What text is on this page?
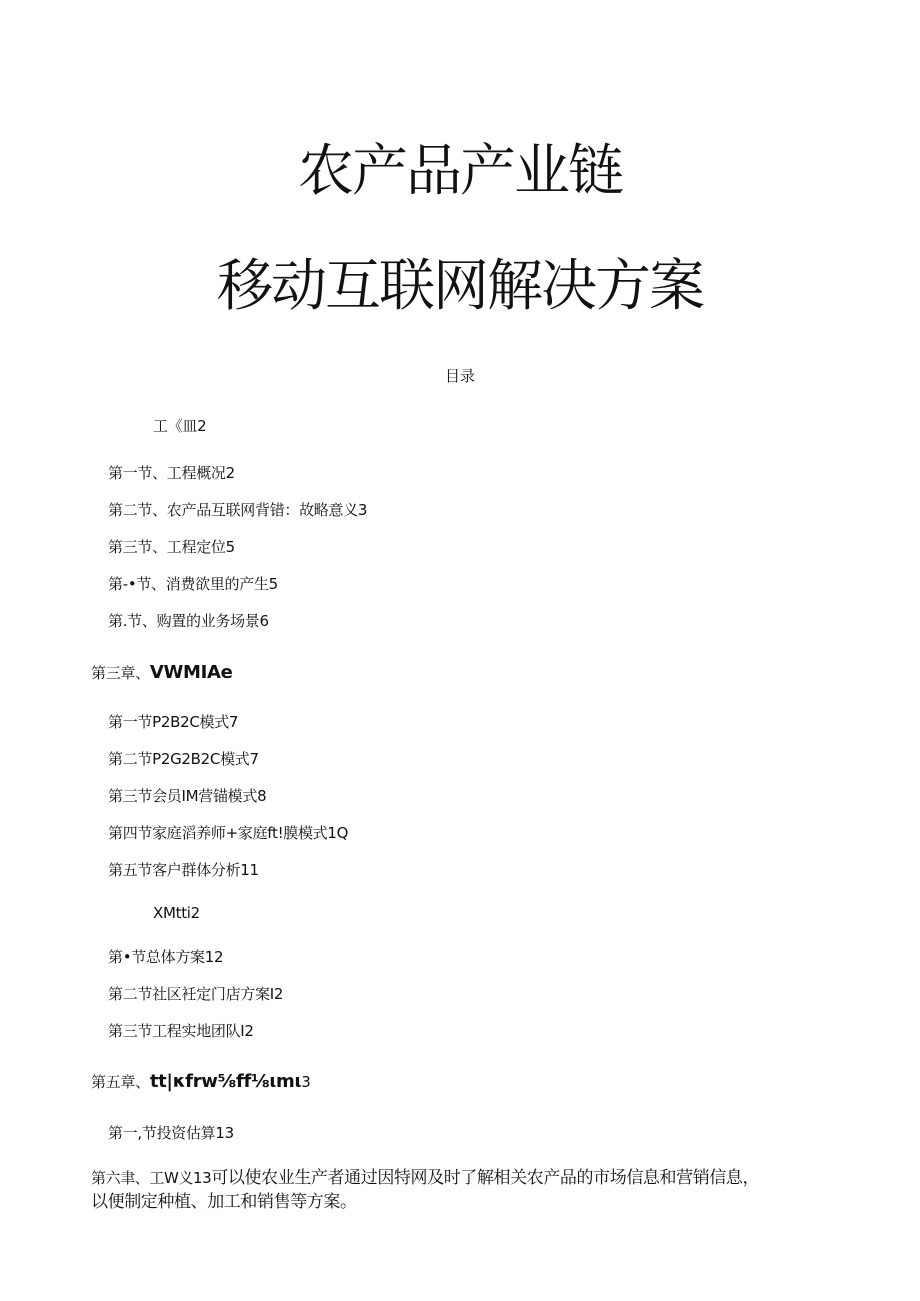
农产品产业链
移动互联网解决方案
目录
工《皿2
第一节、工程概况2
第二节、农产品互联网背错：故略意义3
第三节、工程定位5
第-•节、消费欲里的产生5
第.节、购置的业务场景6
第三章、VWMIAe
第一节P2B2C模式7
第二节P2G2B2C模式7
第三节会员IM营锚模式8
第四节家庭滔养师+家庭ft!膜模式1Q
第五节客户群体分析11
XMtti2
第•节总体方案12
第二节社区衽定门店方案I2
第三节工程实地团队I2
第五章、tt|κfrw⅝ff⅛ιmι3
第一,节投资估算13
第六聿、工W义13可以使农业生产者通过因特网及时了解相关农产品的市场信息和营销信息，
以便制定种植、加工和销售等方案。
